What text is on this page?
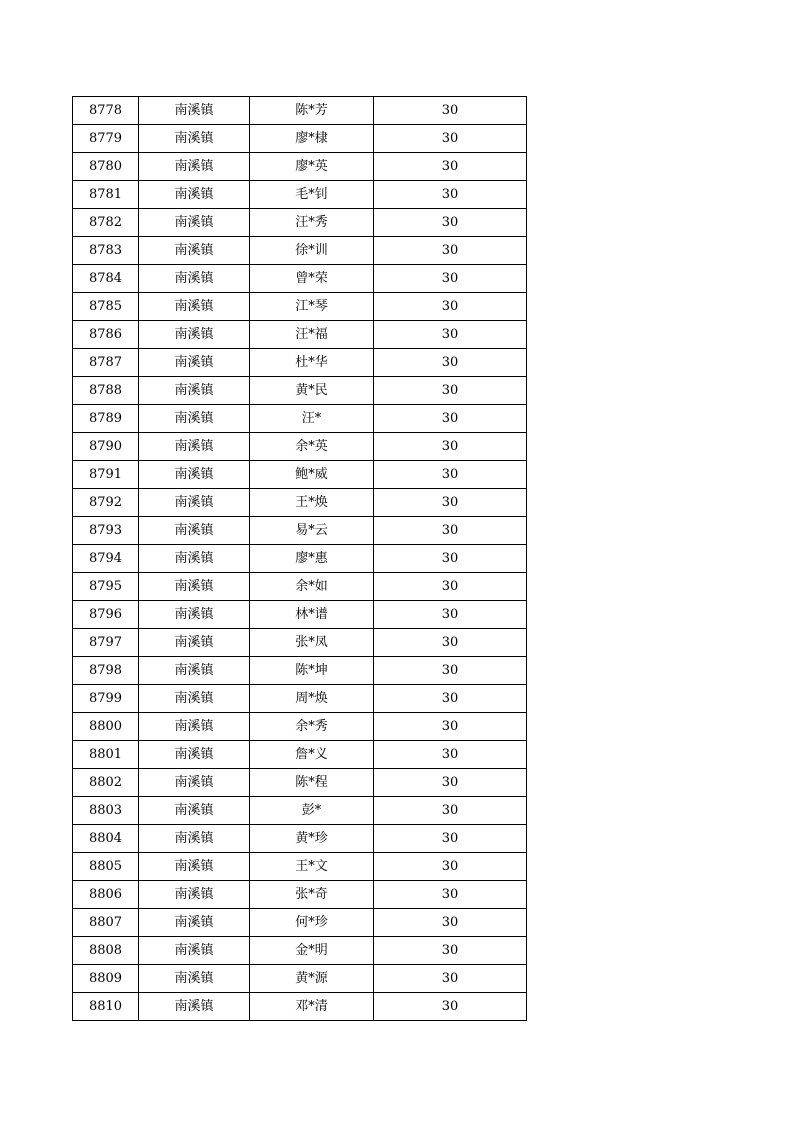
8778	南溪镇	陈*芳	30
8779	南溪镇	廖*棣	30
8780	南溪镇	廖*英	30
8781	南溪镇	毛*钊	30
8782	南溪镇	汪*秀	30
8783	南溪镇	徐*训	30
8784	南溪镇	曾*荣	30
8785	南溪镇	江*琴	30
8786	南溪镇	汪*福	30
8787	南溪镇	杜*华	30
8788	南溪镇	黄*民	30
8789	南溪镇	汪*	30
8790	南溪镇	余*英	30
8791	南溪镇	鲍*威	30
8792	南溪镇	王*焕	30
8793	南溪镇	易*云	30
8794	南溪镇	廖*惠	30
8795	南溪镇	余*如	30
8796	南溪镇	林*谱	30
8797	南溪镇	张*凤	30
8798	南溪镇	陈*坤	30
8799	南溪镇	周*焕	30
8800	南溪镇	余*秀	30
8801	南溪镇	詹*义	30
8802	南溪镇	陈*程	30
8803	南溪镇	彭*	30
8804	南溪镇	黄*珍	30
8805	南溪镇	王*文	30
8806	南溪镇	张*奇	30
8807	南溪镇	何*珍	30
8808	南溪镇	金*明	30
8809	南溪镇	黄*源	30
8810	南溪镇	邓*清	30
